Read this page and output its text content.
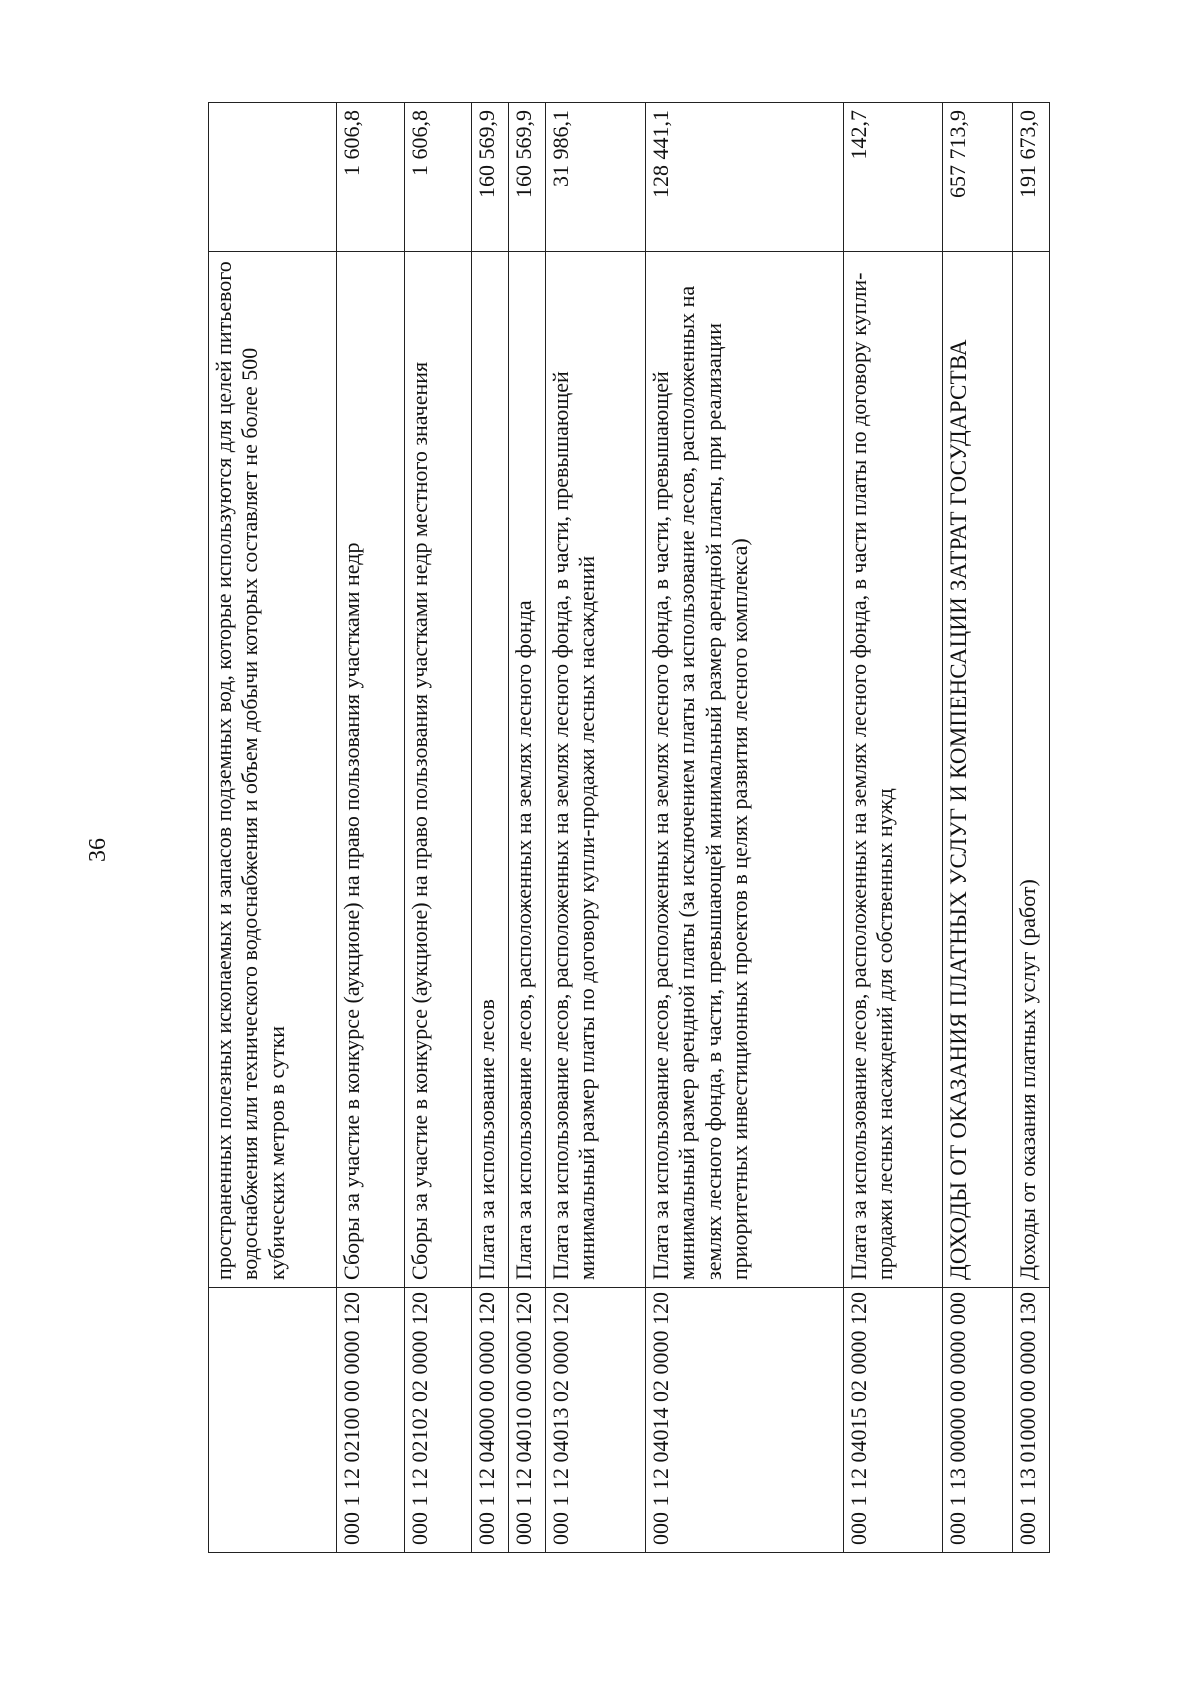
36
		пространенных полезных ископаемых и запасов подземных вод, которые используются для целей питьевого водоснабжения или технического водоснабжения и объем добычи которых составляет не более 500 кубических метров в сутки	
000 1 12 02100 00 0000 120	Сборы за участие в конкурсе (аукционе) на право пользования участками недр	1 606,8
000 1 12 02102 02 0000 120	Сборы за участие в конкурсе (аукционе) на право пользования участками недр местного значения	1 606,8
000 1 12 04000 00 0000 120	Плата за использование лесов	160 569,9
000 1 12 04010 00 0000 120	Плата за использование лесов, расположенных на землях лесного фонда	160 569,9
000 1 12 04013 02 0000 120	Плата за использование лесов, расположенных на землях лесного фонда, в части, превышающей минимальный размер платы по договору купли-продажи лесных насаждений	31 986,1
000 1 12 04014 02 0000 120	Плата за использование лесов, расположенных на землях лесного фонда, в части, превышающей минимальный размер арендной платы (за исключением платы за использование лесов, расположенных на землях лесного фонда, в части, превышающей минимальный размер арендной платы, при реализации приоритетных инвестиционных проектов в целях развития лесного комплекса)	128 441,1
000 1 12 04015 02 0000 120	Плата за использование лесов, расположенных на землях лесного фонда, в части платы по договору купли-продажи лесных насаждений для собственных нужд	142,7
000 1 13 00000 00 0000 000	ДОХОДЫ ОТ ОКАЗАНИЯ ПЛАТНЫХ УСЛУГ И КОМПЕНСАЦИИ ЗАТРАТ ГОСУДАРСТВА	657 713,9
000 1 13 01000 00 0000 130	Доходы от оказания платных услуг (работ)	191 673,0
